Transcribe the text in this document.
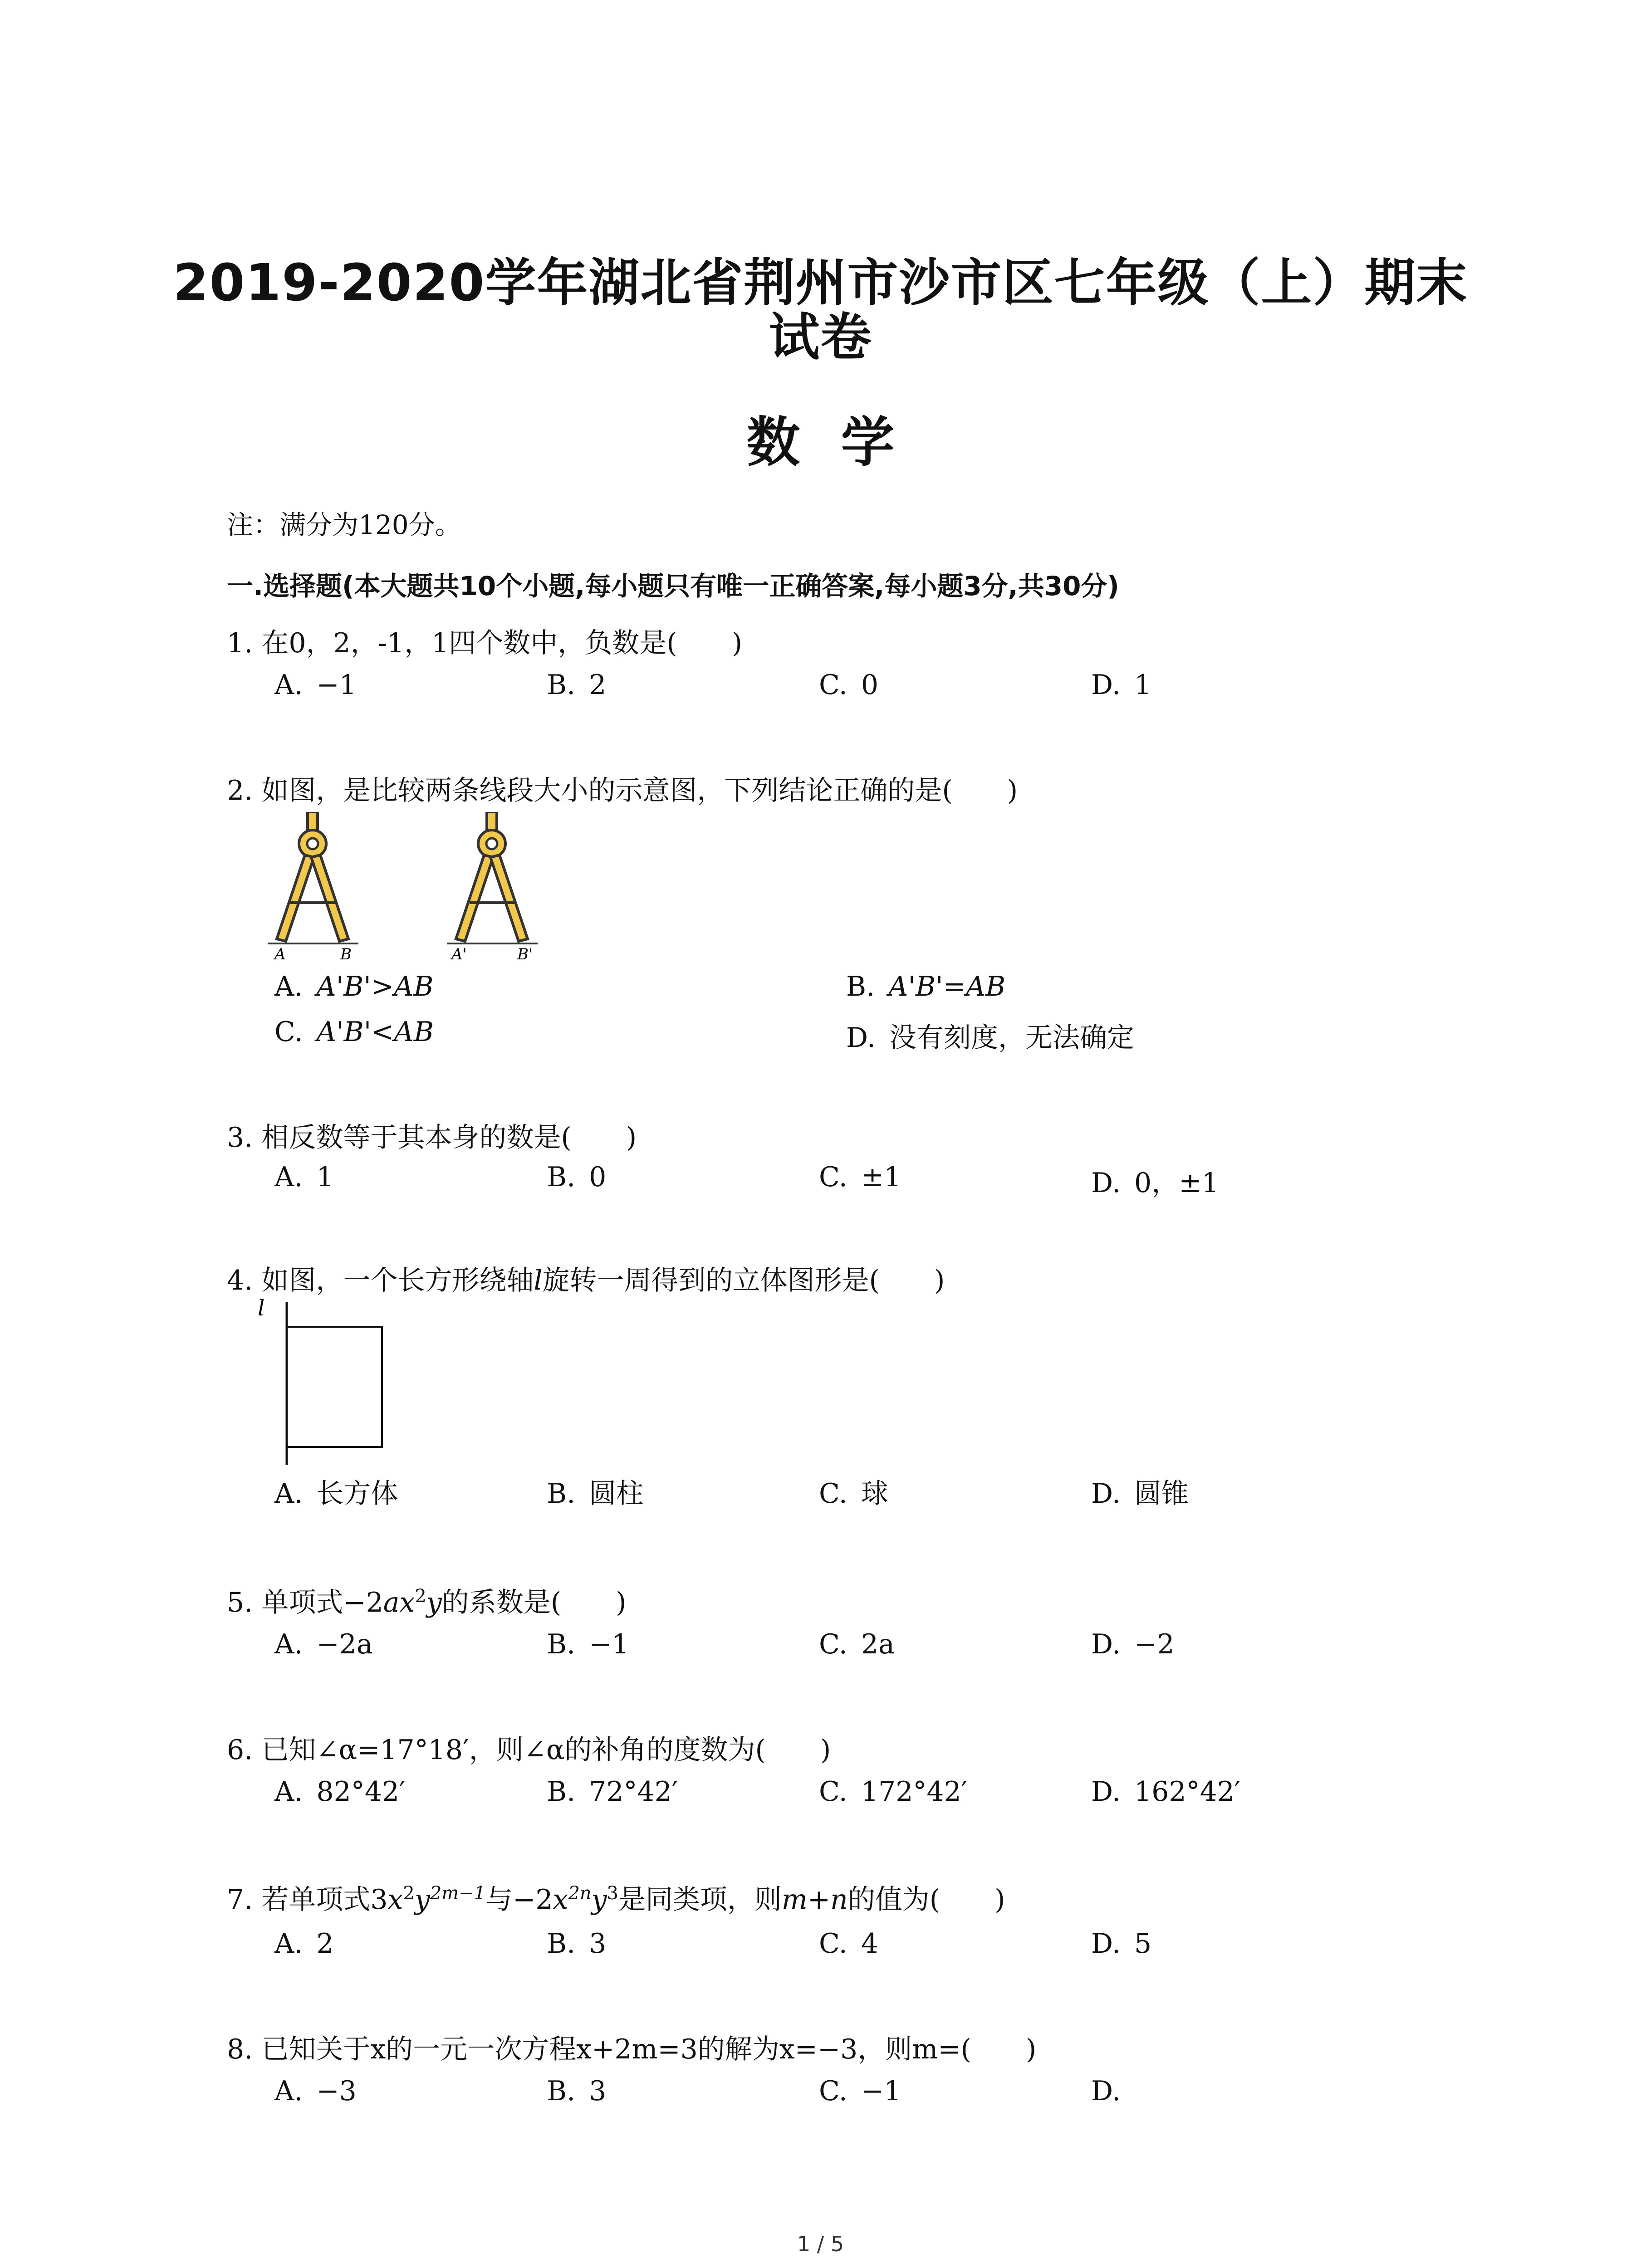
2019-2020学年湖北省荆州市沙市区七年级（上）期末
试卷
数学
注：满分为120分。
一.选择题(本大题共10个小题,每小题只有唯一正确答案,每小题3分,共30分)
1. 在0，2，-1，1四个数中，负数是(　　)
A. −1	B. 2	C. 0	D. 1
2. 如图，是比较两条线段大小的示意图，下列结论正确的是(　　)
A	B	A'	B'
A. A'B'>AB	B. A'B'=AB
C. A'B'<AB	D. 没有刻度，无法确定
3. 相反数等于其本身的数是(　　)
A. 1	B. 0	C. ±1	D. 0，±1
4. 如图，一个长方形绕轴l旋转一周得到的立体图形是(　　)
l
A. 长方体	B. 圆柱	C. 球	D. 圆锥
5. 单项式$-2ax^2y$的系数是(　　)
A. −2a	B. −1	C. 2a	D. −2
6. 已知∠α=17°18′，则∠α的补角的度数为(　　)
A. 82°42′	B. 72°42′	C. 172°42′	D. 162°42′
7. 若单项式$3x^2y^{2m-1}$与$-2x^{2n}y^3$是同类项，则m+n的值为(　　)
A. 2	B. 3	C. 4	D. 5
8. 已知关于x的一元一次方程x+2m=3的解为x=−3，则m=(　　)
A. −3	B. 3	C. −1	D.
1 / 5
